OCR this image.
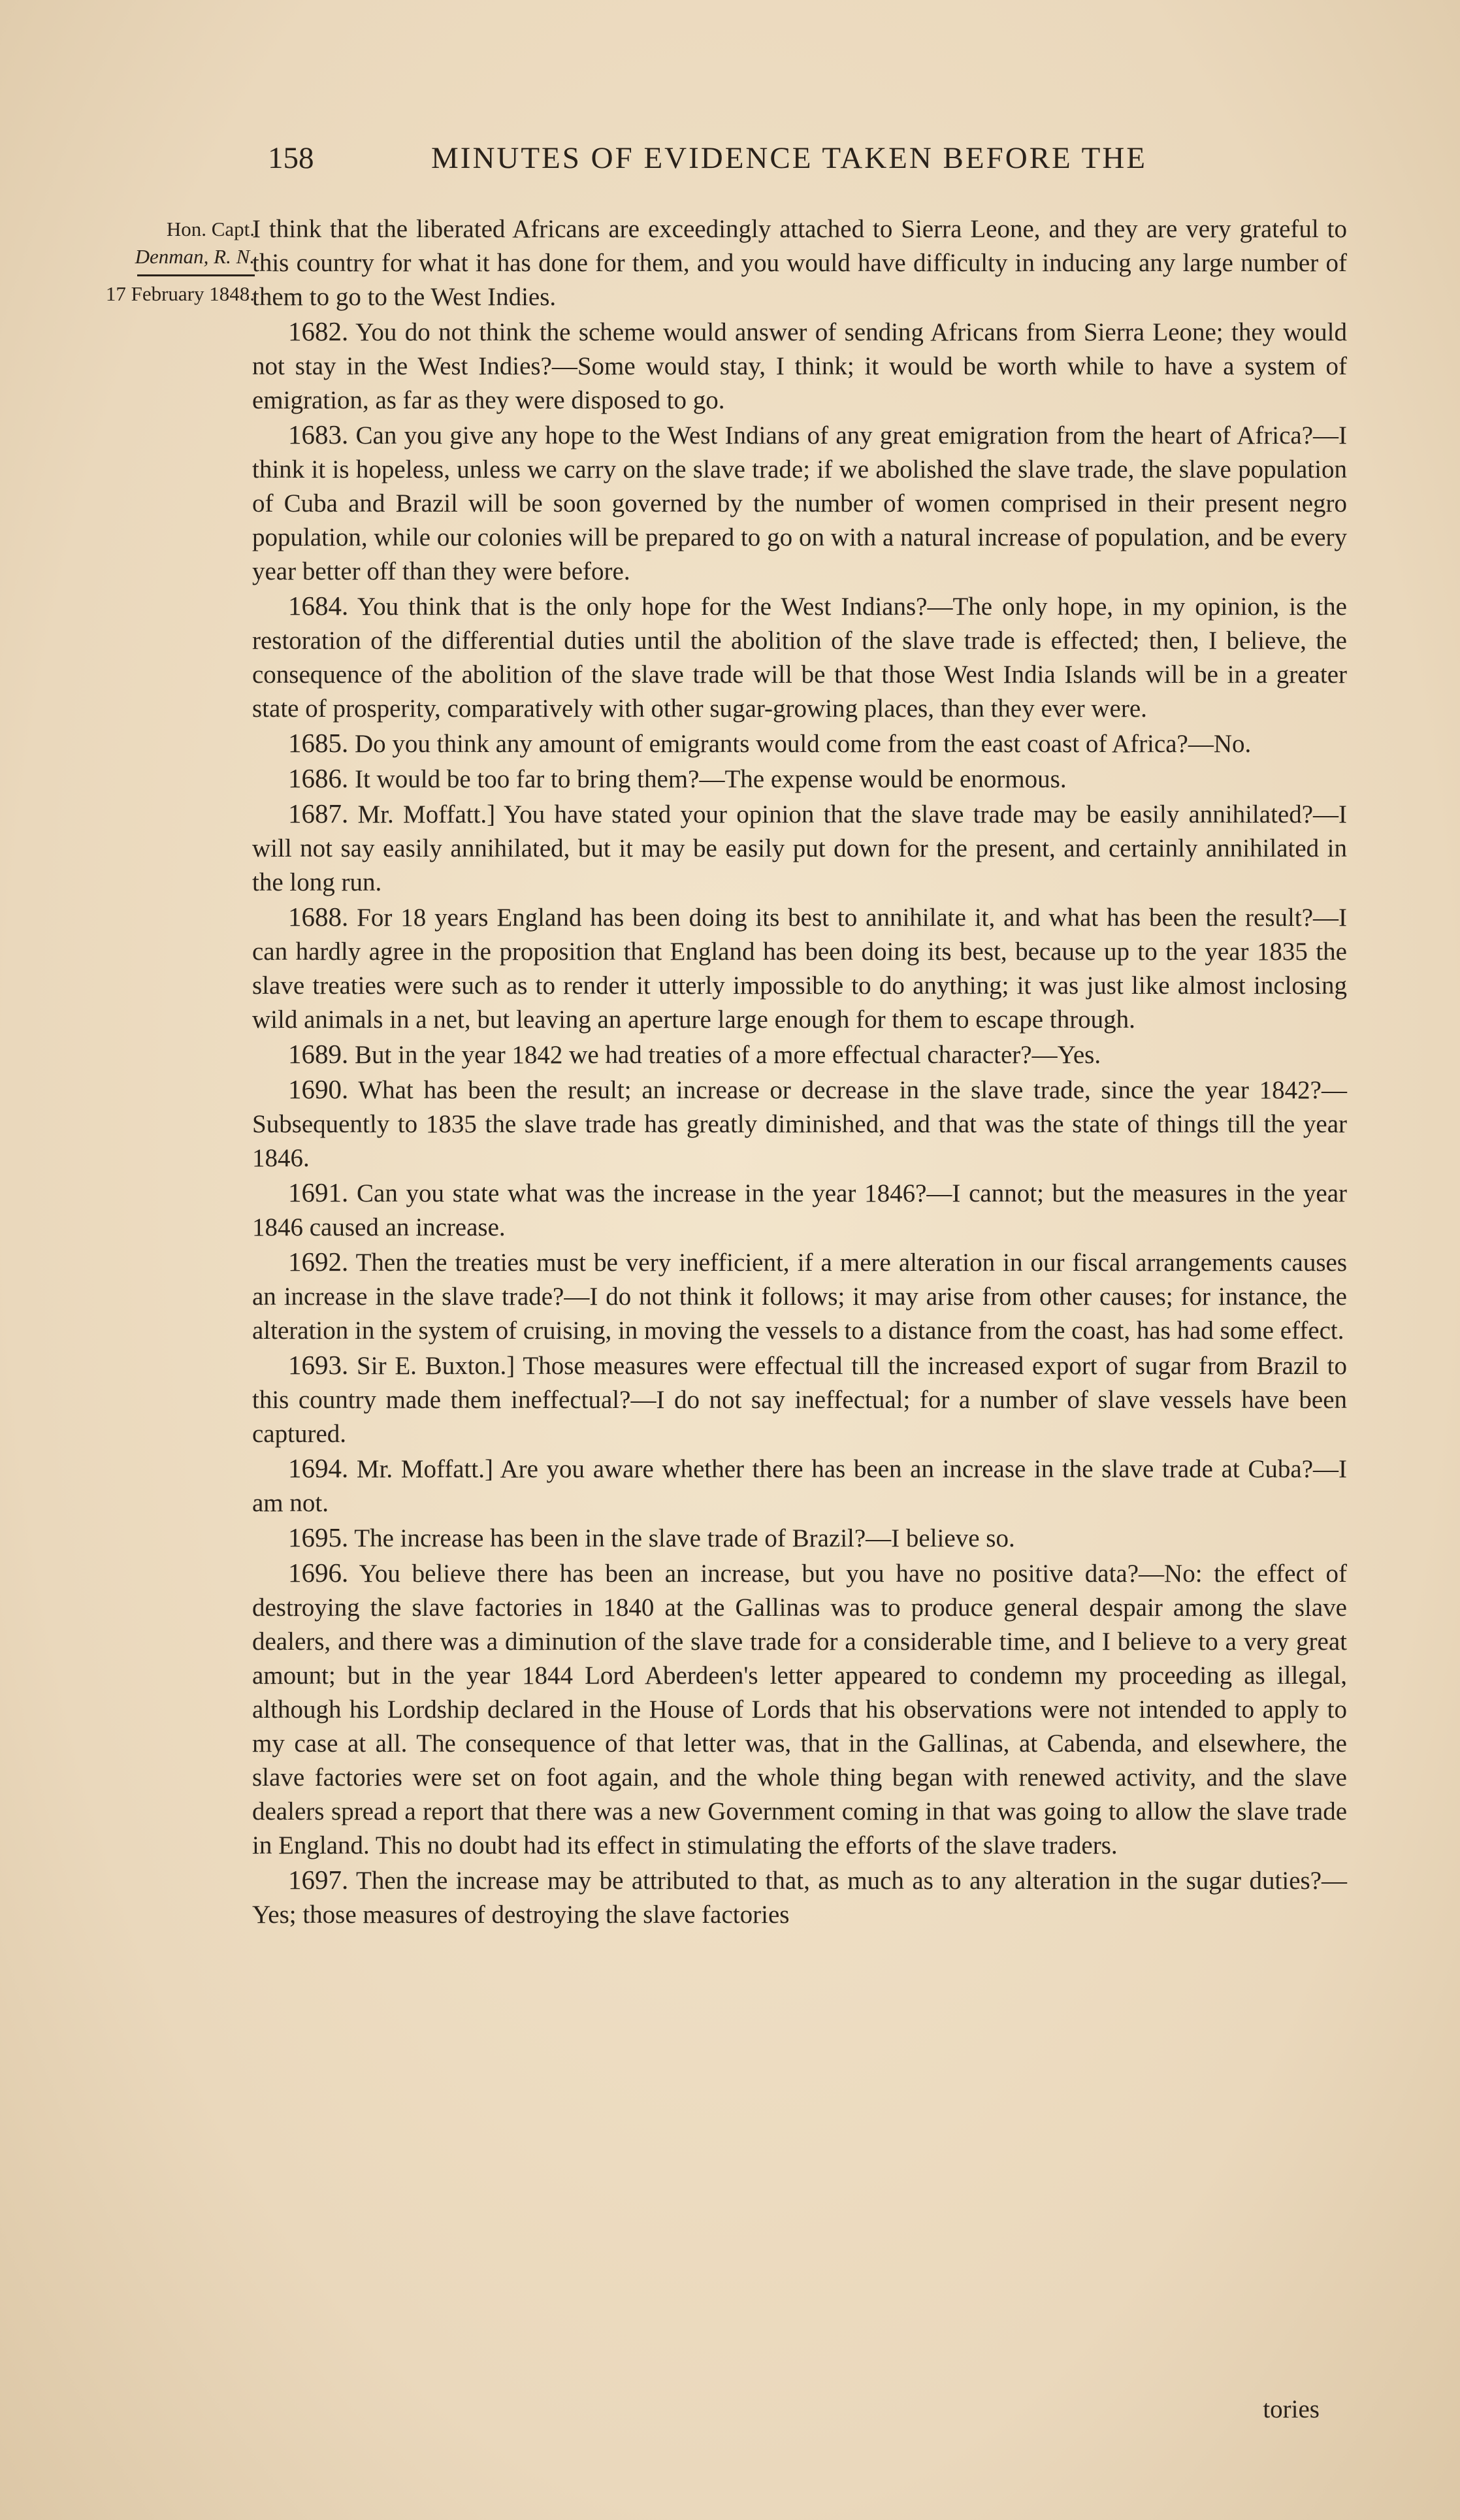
158	MINUTES OF EVIDENCE TAKEN BEFORE THE
Hon. Capt.
Denman, R. N.
17 February 1848.

I think that the liberated Africans are exceedingly attached to Sierra Leone, and they are very grateful to this country for what it has done for them, and you would have difficulty in inducing any large number of them to go to the West Indies.

1682. You do not think the scheme would answer of sending Africans from Sierra Leone; they would not stay in the West Indies?—Some would stay, I think; it would be worth while to have a system of emigration, as far as they were disposed to go.

1683. Can you give any hope to the West Indians of any great emigration from the heart of Africa?—I think it is hopeless, unless we carry on the slave trade; if we abolished the slave trade, the slave population of Cuba and Brazil will be soon governed by the number of women comprised in their present negro population, while our colonies will be prepared to go on with a natural increase of population, and be every year better off than they were before.

1684. You think that is the only hope for the West Indians?—The only hope, in my opinion, is the restoration of the differential duties until the abolition of the slave trade is effected; then, I believe, the consequence of the abolition of the slave trade will be that those West India Islands will be in a greater state of prosperity, comparatively with other sugar-growing places, than they ever were.

1685. Do you think any amount of emigrants would come from the east coast of Africa?—No.

1686. It would be too far to bring them?—The expense would be enormous.

1687. Mr. Moffatt.] You have stated your opinion that the slave trade may be easily annihilated?—I will not say easily annihilated, but it may be easily put down for the present, and certainly annihilated in the long run.

1688. For 18 years England has been doing its best to annihilate it, and what has been the result?—I can hardly agree in the proposition that England has been doing its best, because up to the year 1835 the slave treaties were such as to render it utterly impossible to do anything; it was just like almost inclosing wild animals in a net, but leaving an aperture large enough for them to escape through.

1689. But in the year 1842 we had treaties of a more effectual character?—Yes.

1690. What has been the result; an increase or decrease in the slave trade, since the year 1842?—Subsequently to 1835 the slave trade has greatly diminished, and that was the state of things till the year 1846.

1691. Can you state what was the increase in the year 1846?—I cannot; but the measures in the year 1846 caused an increase.

1692. Then the treaties must be very inefficient, if a mere alteration in our fiscal arrangements causes an increase in the slave trade?—I do not think it follows; it may arise from other causes; for instance, the alteration in the system of cruising, in moving the vessels to a distance from the coast, has had some effect.

1693. Sir E. Buxton.] Those measures were effectual till the increased export of sugar from Brazil to this country made them ineffectual?—I do not say ineffectual; for a number of slave vessels have been captured.

1694. Mr. Moffatt.] Are you aware whether there has been an increase in the slave trade at Cuba?—I am not.

1695. The increase has been in the slave trade of Brazil?—I believe so.

1696. You believe there has been an increase, but you have no positive data?—No: the effect of destroying the slave factories in 1840 at the Gallinas was to produce general despair among the slave dealers, and there was a diminution of the slave trade for a considerable time, and I believe to a very great amount; but in the year 1844 Lord Aberdeen's letter appeared to condemn my proceeding as illegal, although his Lordship declared in the House of Lords that his observations were not intended to apply to my case at all. The consequence of that letter was, that in the Gallinas, at Cabenda, and elsewhere, the slave factories were set on foot again, and the whole thing began with renewed activity, and the slave dealers spread a report that there was a new Government coming in that was going to allow the slave trade in England. This no doubt had its effect in stimulating the efforts of the slave traders.

1697. Then the increase may be attributed to that, as much as to any alteration in the sugar duties?—Yes; those measures of destroying the slave factories

tories
